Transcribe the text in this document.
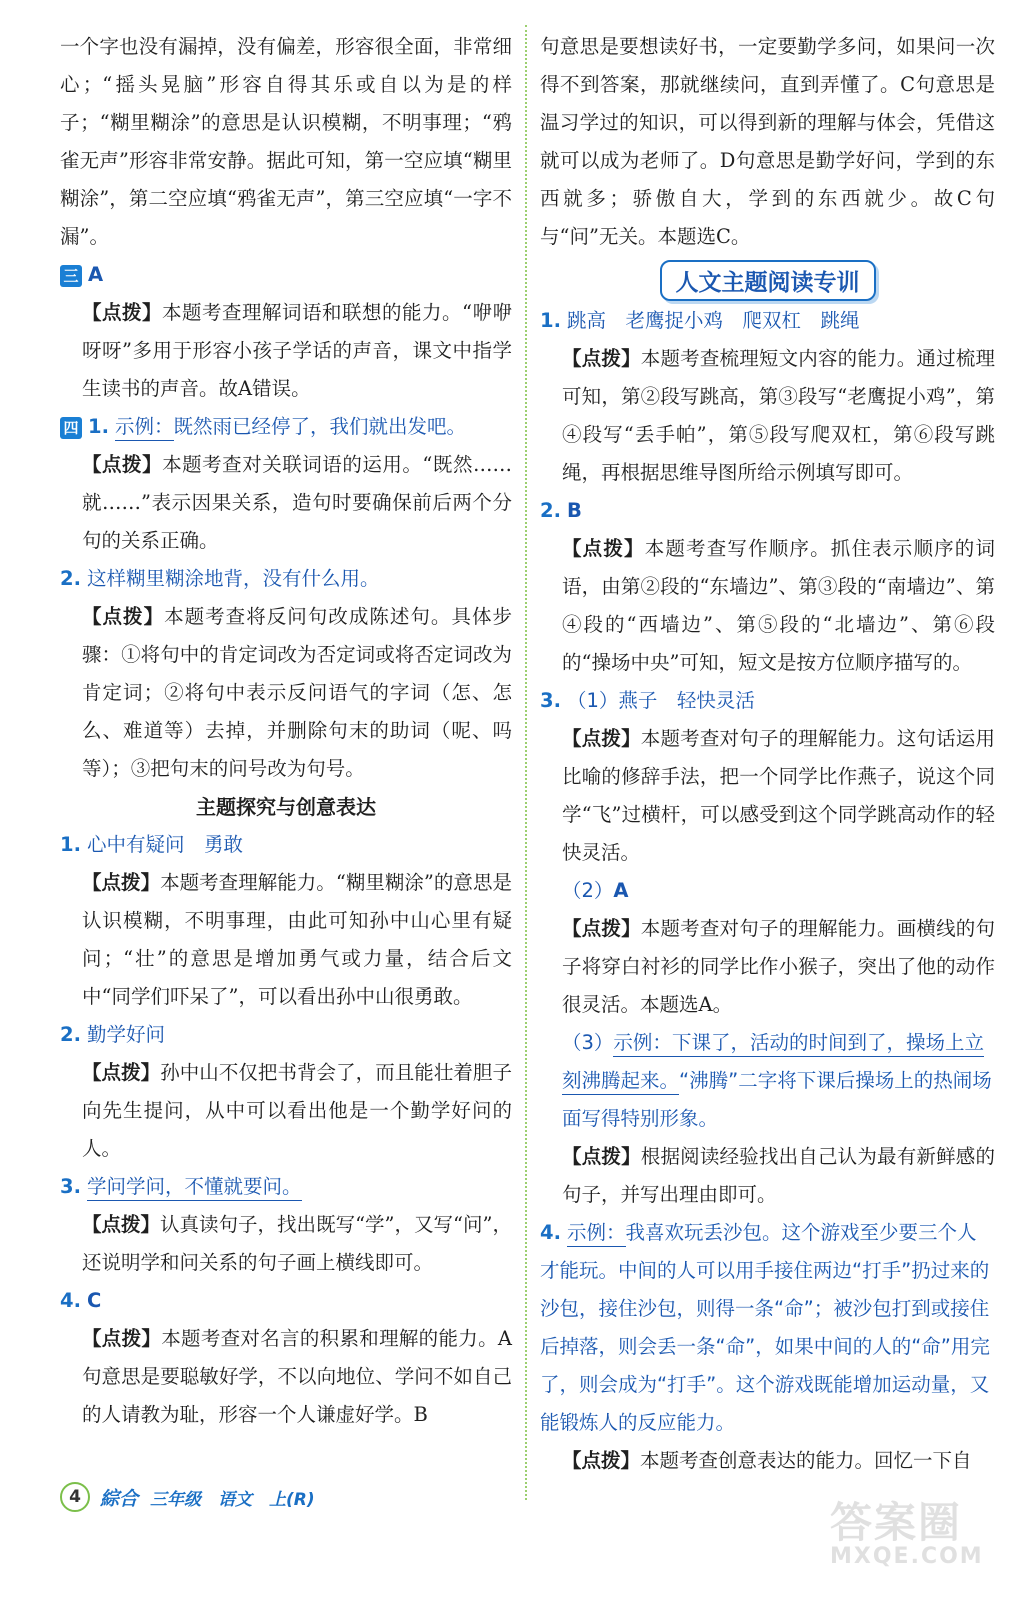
一个字也没有漏掉，没有偏差，形容很全面，非常细心；“摇头晃脑”形容自得其乐或自以为是的样子；“糊里糊涂”的意思是认识模糊，不明事理；“鸦雀无声”形容非常安静。据此可知，第一空应填“糊里糊涂”，第二空应填“鸦雀无声”，第三空应填“一字不漏”。

三 A

【点拨】本题考查理解词语和联想的能力。“咿咿呀呀”多用于形容小孩子学话的声音，课文中指学生读书的声音。故A错误。

四 1. 示例：既然雨已经停了，我们就出发吧。

【点拨】本题考查对关联词语的运用。“既然……就……”表示因果关系，造句时要确保前后两个分句的关系正确。

2. 这样糊里糊涂地背，没有什么用。

【点拨】本题考查将反问句改成陈述句。具体步骤：①将句中的肯定词改为否定词或将否定词改为肯定词；②将句中表示反问语气的字词（怎、怎么、难道等）去掉，并删除句末的助词（呢、吗等）；③把句末的问号改为句号。

主题探究与创意表达

1. 心中有疑问　勇敢

【点拨】本题考查理解能力。“糊里糊涂”的意思是认识模糊，不明事理，由此可知孙中山心里有疑问；“壮”的意思是增加勇气或力量，结合后文中“同学们吓呆了”，可以看出孙中山很勇敢。

2. 勤学好问

【点拨】孙中山不仅把书背会了，而且能壮着胆子向先生提问，从中可以看出他是一个勤学好问的人。

3. 学问学问，不懂就要问。

【点拨】认真读句子，找出既写“学”，又写“问”，还说明学和问关系的句子画上横线即可。

4. C

【点拨】本题考查对名言的积累和理解的能力。A句意思是要聪敏好学，不以向地位、学问不如自己的人请教为耻，形容一个人谦虚好学。B

句意思是要想读好书，一定要勤学多问，如果问一次得不到答案，那就继续问，直到弄懂了。C句意思是温习学过的知识，可以得到新的理解与体会，凭借这就可以成为老师了。D句意思是勤学好问，学到的东西就多；骄傲自大，学到的东西就少。故C句与“问”无关。本题选C。

人文主题阅读专训

1. 跳高　老鹰捉小鸡　爬双杠　跳绳

【点拨】本题考查梳理短文内容的能力。通过梳理可知，第②段写跳高，第③段写“老鹰捉小鸡”，第④段写“丢手帕”，第⑤段写爬双杠，第⑥段写跳绳，再根据思维导图所给示例填写即可。

2. B

【点拨】本题考查写作顺序。抓住表示顺序的词语，由第②段的“东墙边”、第③段的“南墙边”、第④段的“西墙边”、第⑤段的“北墙边”、第⑥段的“操场中央”可知，短文是按方位顺序描写的。

3. （1）燕子　轻快灵活

【点拨】本题考查对句子的理解能力。这句话运用比喻的修辞手法，把一个同学比作燕子，说这个同学“飞”过横杆，可以感受到这个同学跳高动作的轻快灵活。

（2）A

【点拨】本题考查对句子的理解能力。画横线的句子将穿白衬衫的同学比作小猴子，突出了他的动作很灵活。本题选A。

（3）示例：下课了，活动的时间到了，操场上立刻沸腾起来。“沸腾”二字将下课后操场上的热闹场面写得特别形象。

【点拨】根据阅读经验找出自己认为最有新鲜感的句子，并写出理由即可。

4. 示例：我喜欢玩丢沙包。这个游戏至少要三个人才能玩。中间的人可以用手接住两边“打手”扔过来的沙包，接住沙包，则得一条“命”；被沙包打到或接住后掉落，则会丢一条“命”，如果中间的人的“命”用完了，则会成为“打手”。这个游戏既能增加运动量，又能锻炼人的反应能力。

【点拨】本题考查创意表达的能力。回忆一下自

4	綜合 三年级　语文　上(R)	答案圈
MXQE.COM
